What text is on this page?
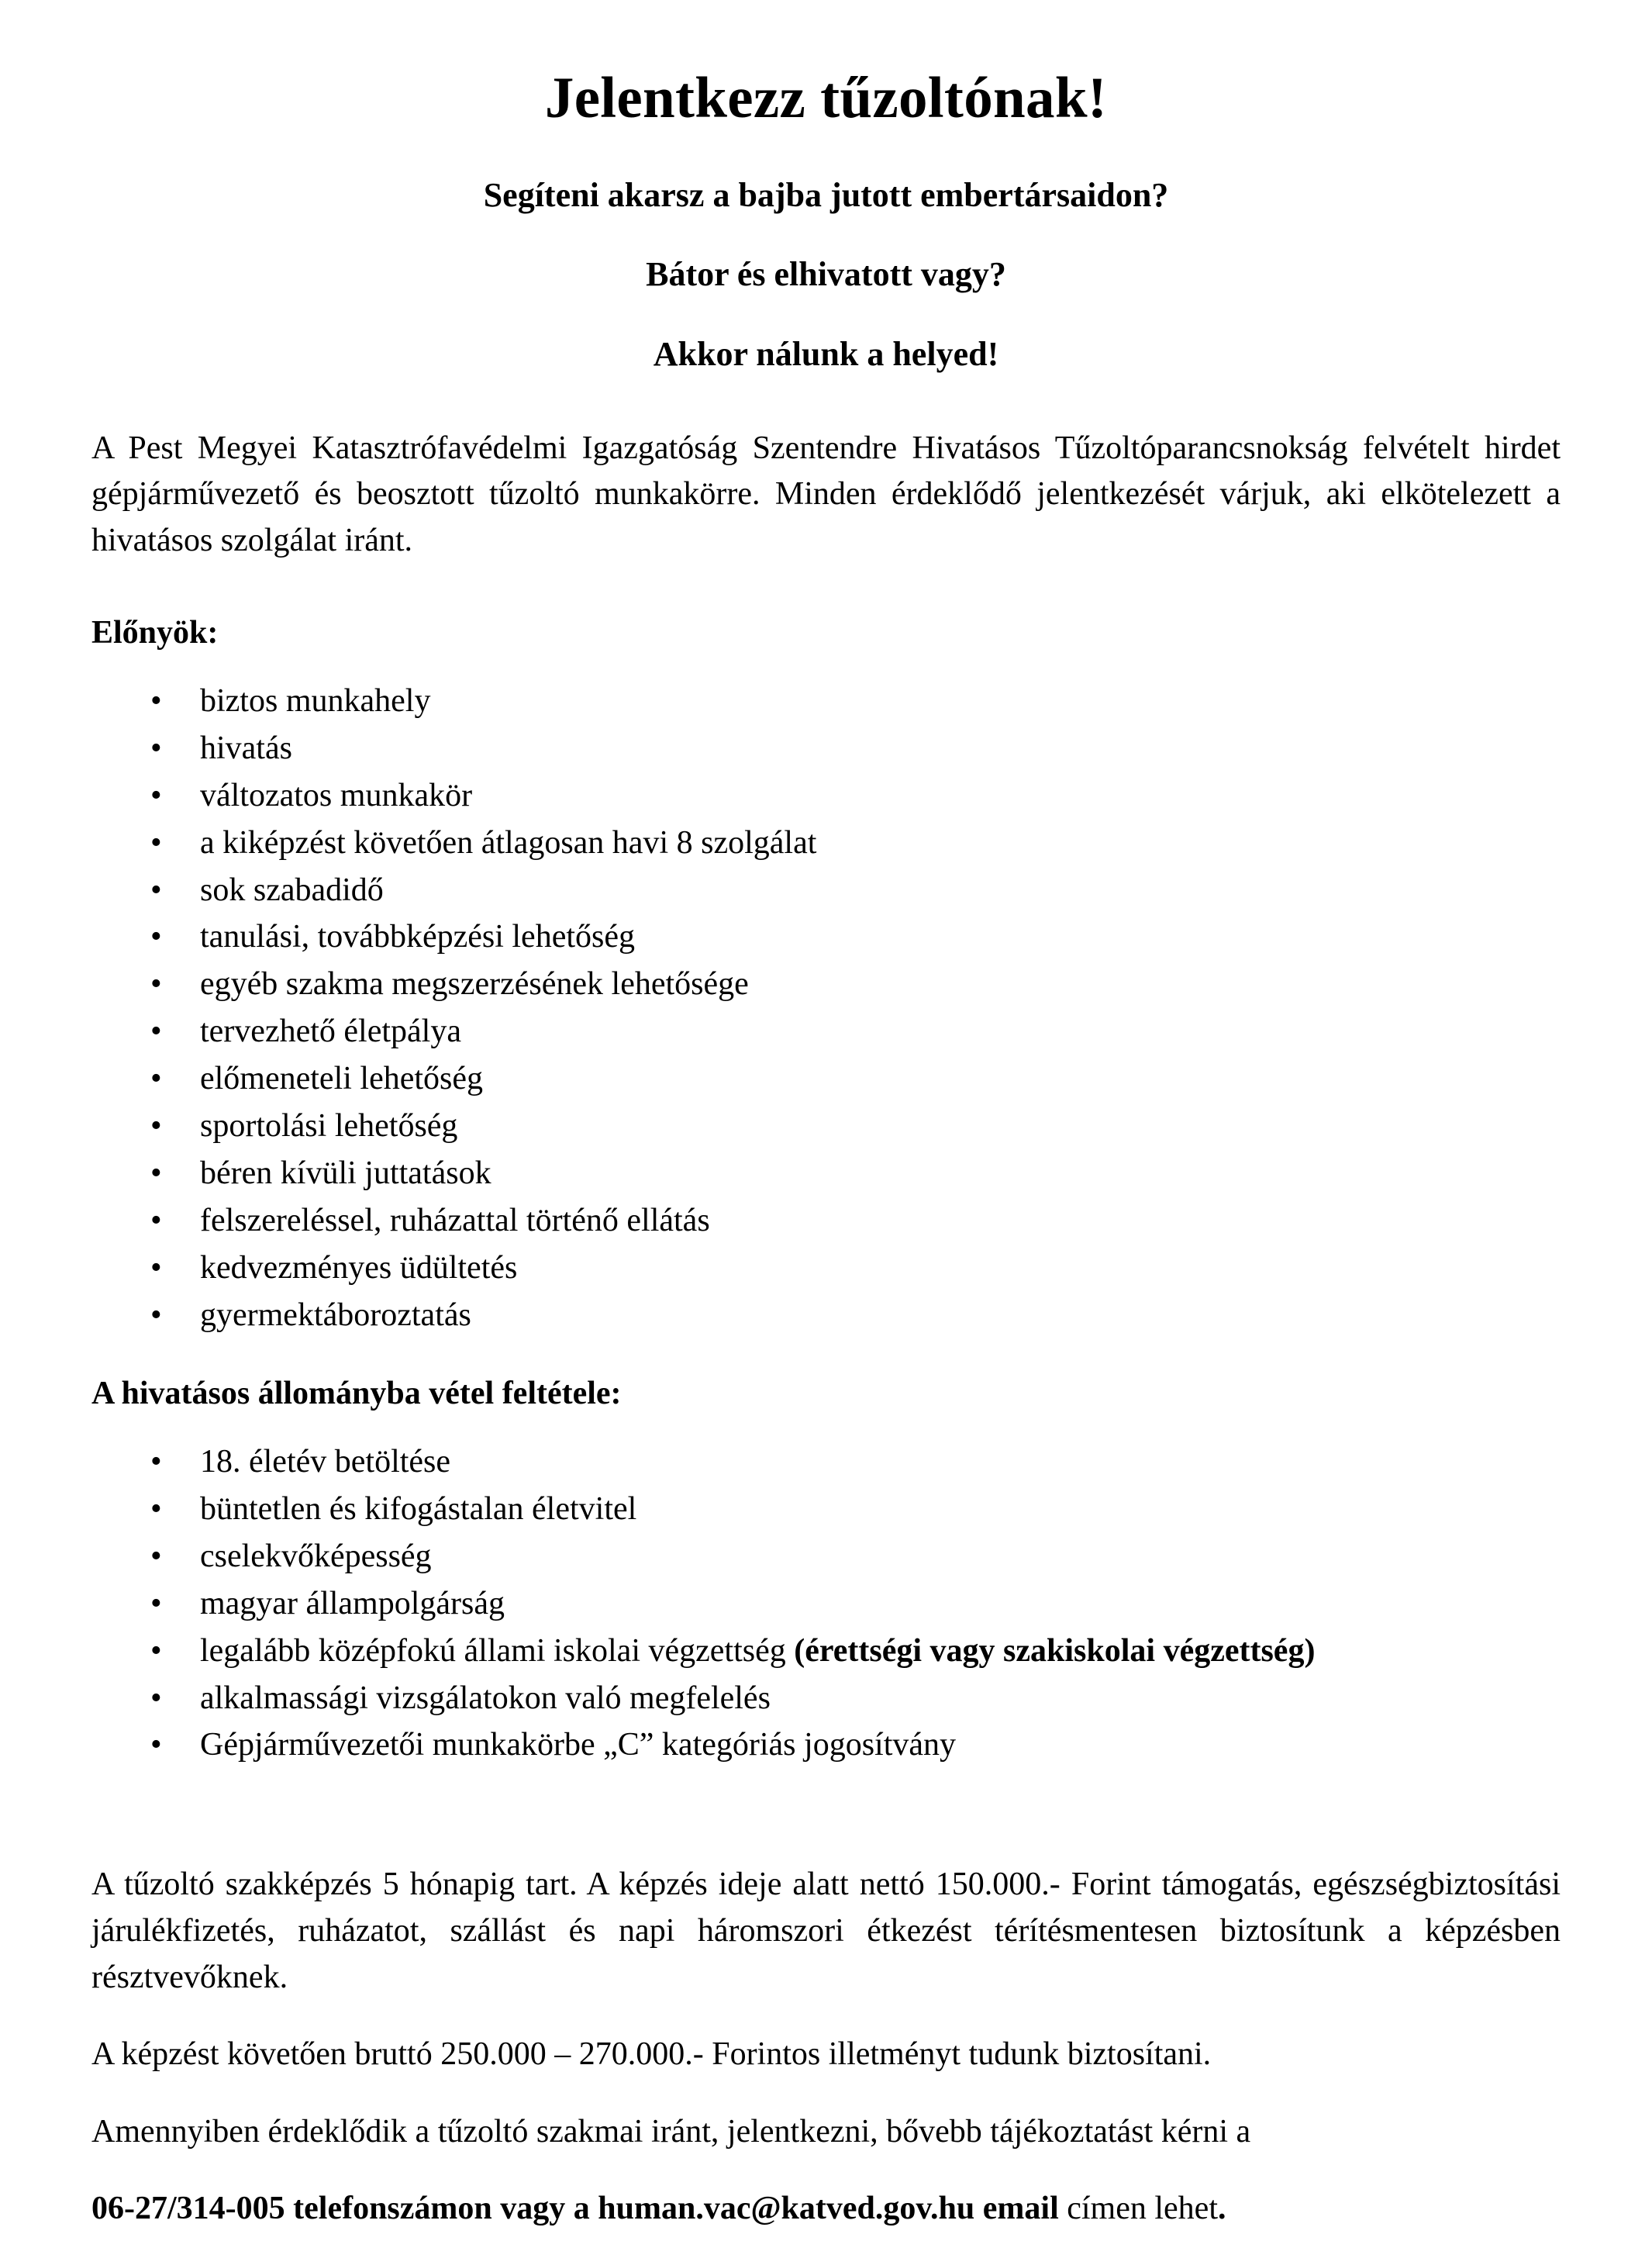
Jelentkezz tűzoltónak!

Segíteni akarsz a bajba jutott embertársaidon?

Bátor és elhivatott vagy?

Akkor nálunk a helyed!

A Pest Megyei Katasztrófavédelmi Igazgatóság Szentendre Hivatásos Tűzoltóparancsnokság felvételt hirdet gépjárművezető és beosztott tűzoltó munkakörre. Minden érdeklődő jelentkezését várjuk, aki elkötelezett a hivatásos szolgálat iránt.

Előnyök:

• biztos munkahely
• hivatás
• változatos munkakör
• a kiképzést követően átlagosan havi 8 szolgálat
• sok szabadidő
• tanulási, továbbképzési lehetőség
• egyéb szakma megszerzésének lehetősége
• tervezhető életpálya
• előmeneteli lehetőség
• sportolási lehetőség
• béren kívüli juttatások
• felszereléssel, ruházattal történő ellátás
• kedvezményes üdültetés
• gyermektáboroztatás

A hivatásos állományba vétel feltétele:

• 18. életév betöltése
• büntetlen és kifogástalan életvitel
• cselekvőképesség
• magyar állampolgárság
• legalább középfokú állami iskolai végzettség (érettségi vagy szakiskolai végzettség)
• alkalmassági vizsgálatokon való megfelelés
• Gépjárművezetői munkakörbe „C” kategóriás jogosítvány

A tűzoltó szakképzés 5 hónapig tart. A képzés ideje alatt nettó 150.000.- Forint támogatás, egészségbiztosítási járulékfizetés, ruházatot, szállást és napi háromszori étkezést térítésmentesen biztosítunk a képzésben résztvevőknek.

A képzést követően bruttó 250.000 – 270.000.- Forintos illetményt tudunk biztosítani.

Amennyiben érdeklődik a tűzoltó szakmai iránt, jelentkezni, bővebb tájékoztatást kérni a

06-27/314-005 telefonszámon vagy a human.vac@katved.gov.hu email címen lehet.
